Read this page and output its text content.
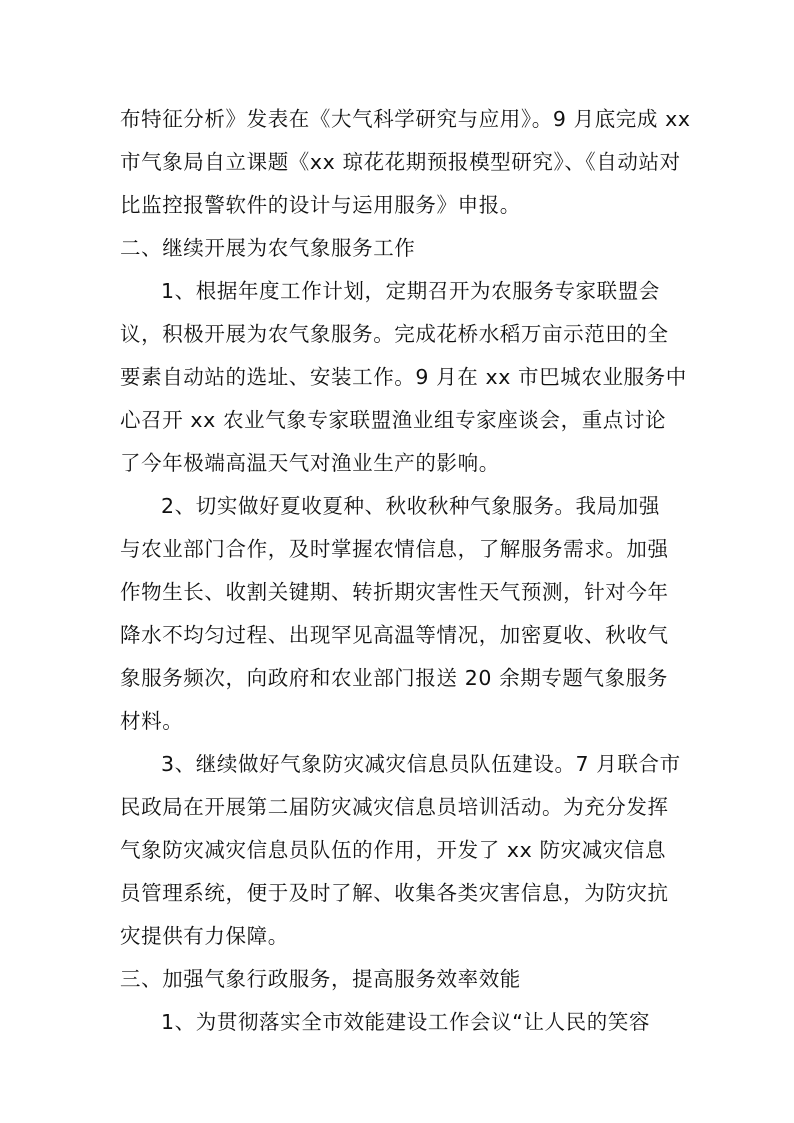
布特征分析》发表在《大气科学研究与应用》。9 月底完成 xx
市气象局自立课题《xx 琼花花期预报模型研究》、《自动站对
比监控报警软件的设计与运用服务》申报。
二、继续开展为农气象服务工作
1、根据年度工作计划，定期召开为农服务专家联盟会
议，积极开展为农气象服务。完成花桥水稻万亩示范田的全
要素自动站的选址、安装工作。9 月在 xx 市巴城农业服务中
心召开 xx 农业气象专家联盟渔业组专家座谈会，重点讨论
了今年极端高温天气对渔业生产的影响。
2、切实做好夏收夏种、秋收秋种气象服务。我局加强
与农业部门合作，及时掌握农情信息，了解服务需求。加强
作物生长、收割关键期、转折期灾害性天气预测，针对今年
降水不均匀过程、出现罕见高温等情况，加密夏收、秋收气
象服务频次，向政府和农业部门报送 20 余期专题气象服务
材料。
3、继续做好气象防灾减灾信息员队伍建设。7 月联合市
民政局在开展第二届防灾减灾信息员培训活动。为充分发挥
气象防灾减灾信息员队伍的作用，开发了 xx 防灾减灾信息
员管理系统，便于及时了解、收集各类灾害信息，为防灾抗
灾提供有力保障。
三、加强气象行政服务，提高服务效率效能
1、为贯彻落实全市效能建设工作会议“让人民的笑容
